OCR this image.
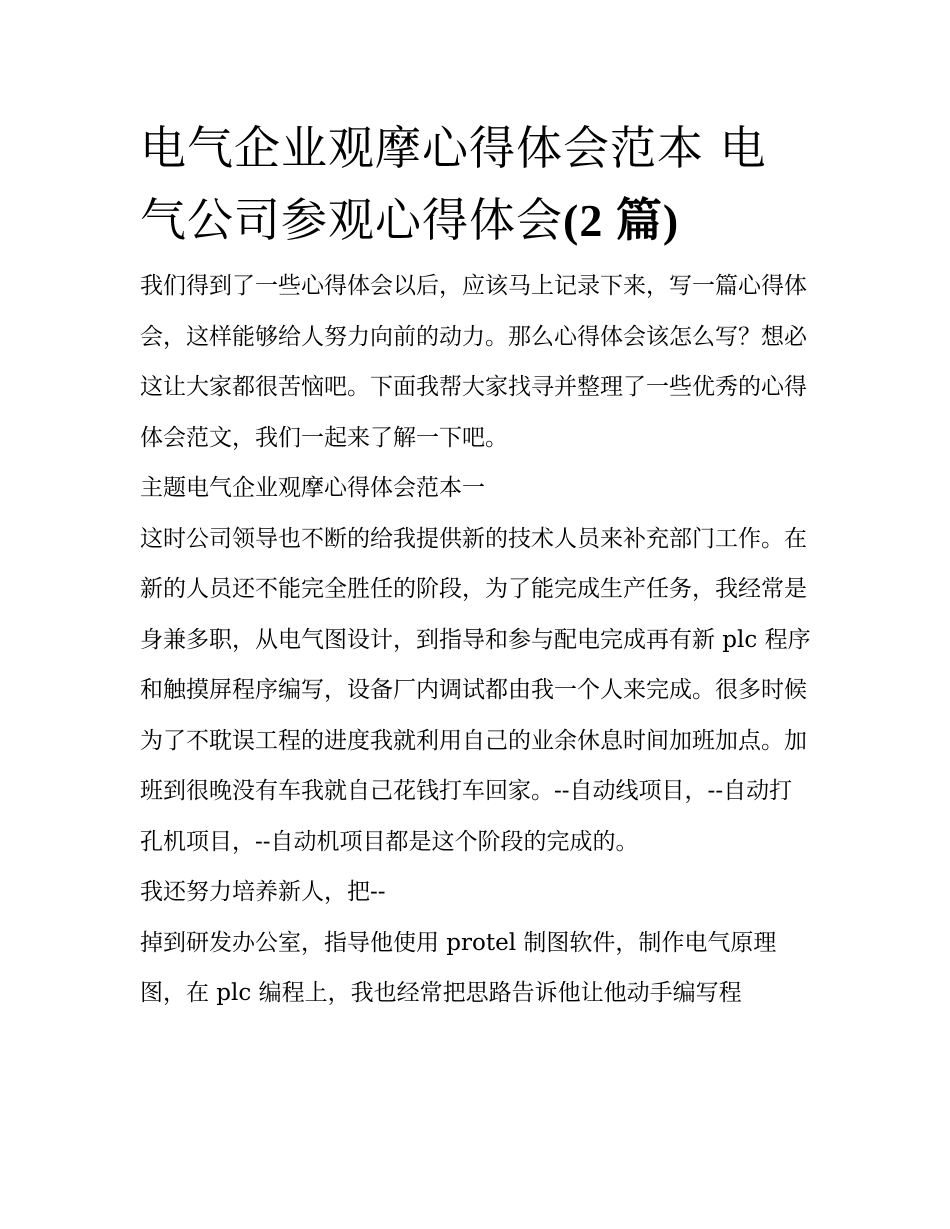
电气企业观摩心得体会范本 电气公司参观心得体会(2 篇)

我们得到了一些心得体会以后，应该马上记录下来，写一篇心得体会，这样能够给人努力向前的动力。那么心得体会该怎么写？想必这让大家都很苦恼吧。下面我帮大家找寻并整理了一些优秀的心得体会范文，我们一起来了解一下吧。

主题电气企业观摩心得体会范本一

这时公司领导也不断的给我提供新的技术人员来补充部门工作。在新的人员还不能完全胜任的阶段，为了能完成生产任务，我经常是身兼多职，从电气图设计，到指导和参与配电完成再有新 plc 程序和触摸屏程序编写，设备厂内调试都由我一个人来完成。很多时候为了不耽误工程的进度我就利用自己的业余休息时间加班加点。加班到很晚没有车我就自己花钱打车回家。--自动线项目，--自动打孔机项目，--自动机项目都是这个阶段的完成的。

我还努力培养新人，把--

掉到研发办公室，指导他使用 protel 制图软件，制作电气原理图，在 plc 编程上，我也经常把思路告诉他让他动手编写程
